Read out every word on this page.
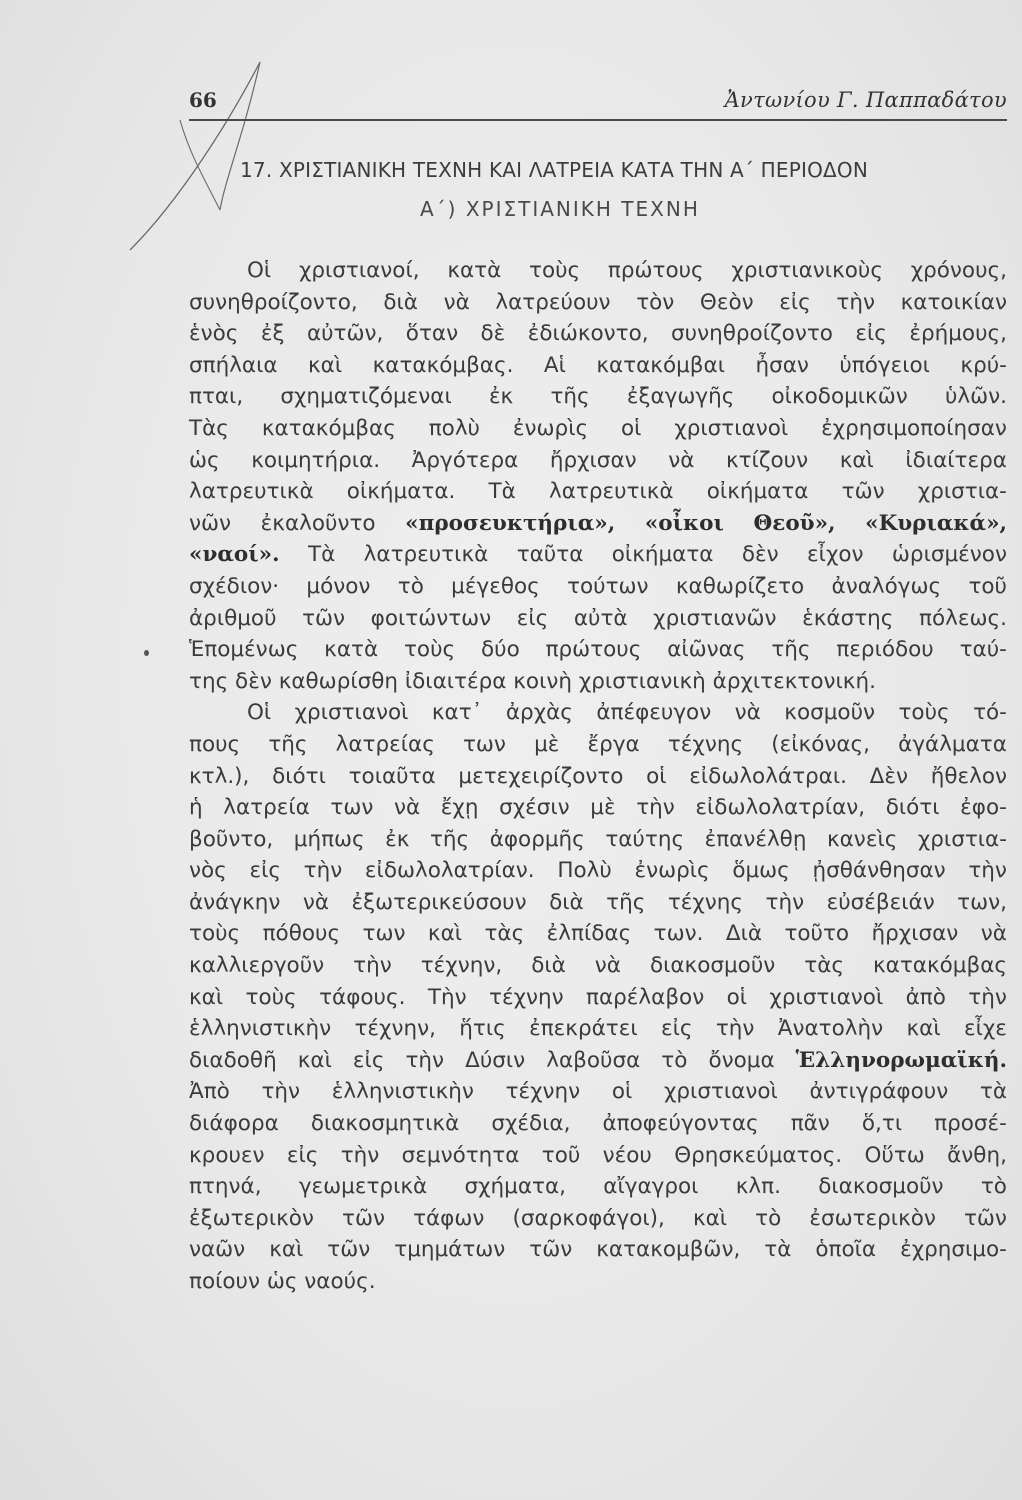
66	Ἀντωνίου Γ. Παππαδάτου
17. ΧΡΙΣΤΙΑΝΙΚΗ ΤΕΧΝΗ ΚΑΙ ΛΑΤΡΕΙΑ ΚΑΤΑ ΤΗΝ Α΄ ΠΕΡΙΟΔΟΝ
Α΄) ΧΡΙΣΤΙΑΝΙΚΗ ΤΕΧΝΗ
Οἱ χριστιανοί, κατὰ τοὺς πρώτους χριστιανικοὺς χρόνους,
συνηθροίζοντο, διὰ νὰ λατρεύουν τὸν Θεὸν εἰς τὴν κατοικίαν
ἑνὸς ἐξ αὐτῶν, ὅταν δὲ ἐδιώκοντο, συνηθροίζοντο εἰς ἐρήμους,
σπήλαια καὶ κατακόμβας. Αἱ κατακόμβαι ἦσαν ὑπόγειοι κρύ-
πται, σχηματιζόμεναι ἐκ τῆς ἐξαγωγῆς οἰκοδομικῶν ὑλῶν.
Τὰς κατακόμβας πολὺ ἐνωρὶς οἱ χριστιανοὶ ἐχρησιμοποίησαν
ὡς κοιμητήρια. Ἀργότερα ἤρχισαν νὰ κτίζουν καὶ ἰδιαίτερα
λατρευτικὰ οἰκήματα. Τὰ λατρευτικὰ οἰκήματα τῶν χριστια-
νῶν ἐκαλοῦντο «προσευκτήρια», «οἶκοι Θεοῦ», «Κυριακά»,
«ναοί». Τὰ λατρευτικὰ ταῦτα οἰκήματα δὲν εἶχον ὡρισμένον
σχέδιον· μόνον τὸ μέγεθος τούτων καθωρίζετο ἀναλόγως τοῦ
ἀριθμοῦ τῶν φοιτώντων εἰς αὐτὰ χριστιανῶν ἑκάστης πόλεως.
Ἑπομένως κατὰ τοὺς δύο πρώτους αἰῶνας τῆς περιόδου ταύ-
της
δὲν
καθωρίσθη
ἰδιαιτέρα
κοινὴ
χριστιανικὴ
ἀρχιτεκτονική.

Οἱ χριστιανοὶ κατ᾽ ἀρχὰς ἀπέφευγον νὰ κοσμοῦν τοὺς τό-
πους τῆς λατρείας των μὲ ἔργα τέχνης (εἰκόνας, ἀγάλματα
κτλ.), διότι τοιαῦτα μετεχειρίζοντο οἱ εἰδωλολάτραι. Δὲν ἤθελον
ἡ λατρεία των νὰ ἔχῃ σχέσιν μὲ τὴν εἰδωλολατρίαν, διότι ἐφο-
βοῦντο, μήπως ἐκ τῆς ἀφορμῆς ταύτης ἐπανέλθῃ κανεὶς χριστια-
νὸς εἰς τὴν εἰδωλολατρίαν. Πολὺ ἐνωρὶς ὅμως ᾐσθάνθησαν τὴν
ἀνάγκην νὰ ἐξωτερικεύσουν διὰ τῆς τέχνης τὴν εὐσέβειάν των,
τοὺς πόθους των καὶ τὰς ἐλπίδας των. Διὰ τοῦτο ἤρχισαν νὰ
καλλιεργοῦν τὴν τέχνην, διὰ νὰ διακοσμοῦν τὰς κατακόμβας
καὶ τοὺς τάφους. Τὴν τέχνην παρέλαβον οἱ χριστιανοὶ ἀπὸ τὴν
ἑλληνιστικὴν τέχνην, ἥτις ἐπεκράτει εἰς τὴν Ἀνατολὴν καὶ εἶχε
διαδοθῆ καὶ εἰς τὴν Δύσιν λαβοῦσα τὸ ὄνομα Ἑλληνορωμαϊκή.
Ἀπὸ τὴν ἑλληνιστικὴν τέχνην οἱ χριστιανοὶ ἀντιγράφουν τὰ
διάφορα διακοσμητικὰ σχέδια, ἀποφεύγοντας πᾶν ὅ,τι προσέ-
κρουεν εἰς τὴν σεμνότητα τοῦ νέου Θρησκεύματος. Οὕτω ἄνθη,
πτηνά, γεωμετρικὰ σχήματα, αἴγαγροι κλπ. διακοσμοῦν τὸ
ἐξωτερικὸν τῶν τάφων (σαρκοφάγοι), καὶ τὸ ἐσωτερικὸν τῶν
ναῶν καὶ τῶν τμημάτων τῶν κατακομβῶν, τὰ ὁποῖα ἐχρησιμο-
ποίουν
ὡς
ναούς.
